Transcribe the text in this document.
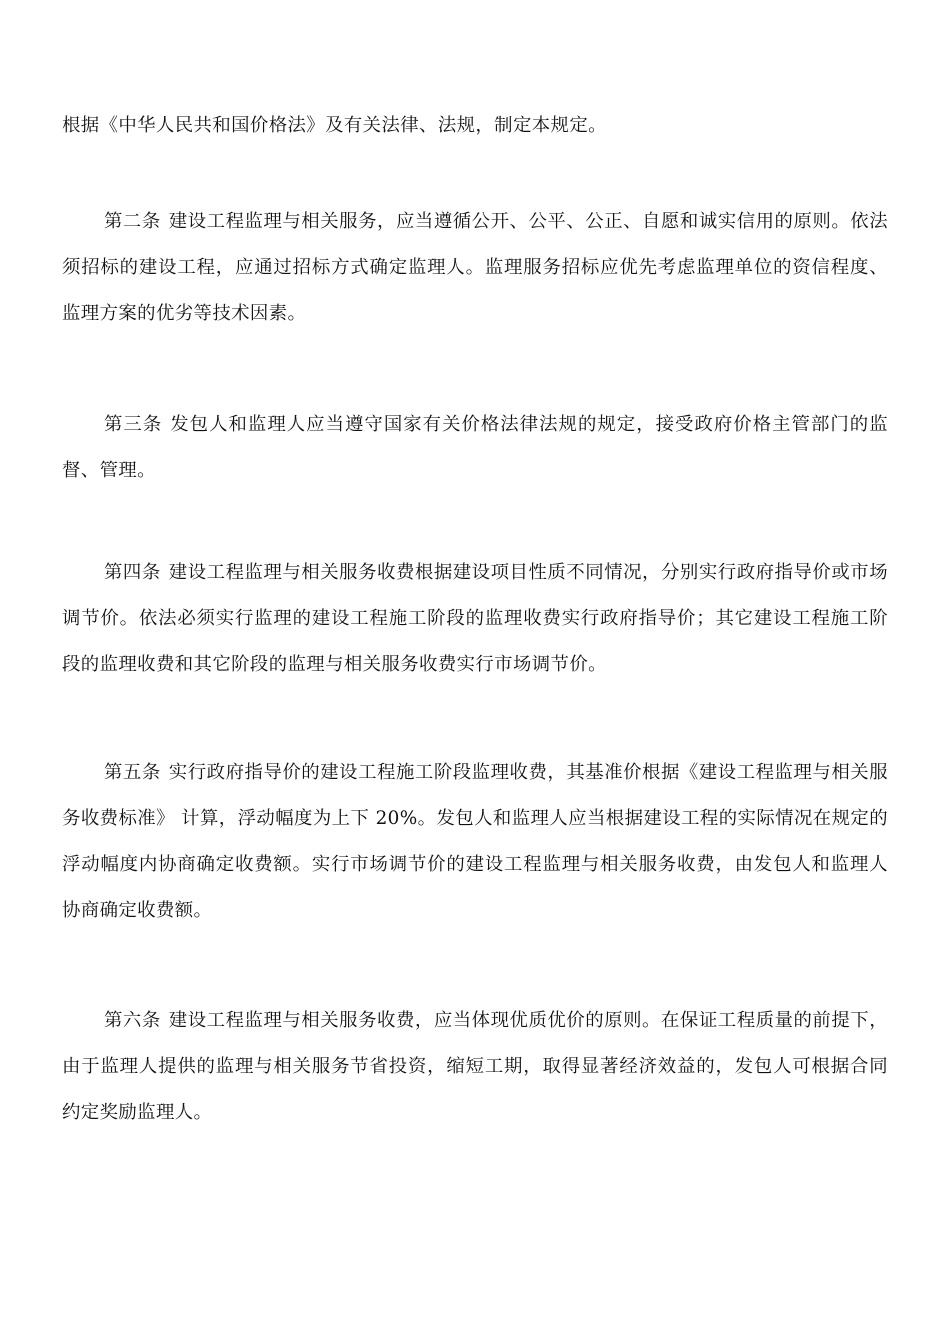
根据《中华人民共和国价格法》及有关法律、法规，制定本规定。

第二条 建设工程监理与相关服务，应当遵循公开、公平、公正、自愿和诚实信用的原则。依法须招标的建设工程，应通过招标方式确定监理人。监理服务招标应优先考虑监理单位的资信程度、监理方案的优劣等技术因素。

第三条 发包人和监理人应当遵守国家有关价格法律法规的规定，接受政府价格主管部门的监督、管理。

第四条 建设工程监理与相关服务收费根据建设项目性质不同情况，分别实行政府指导价或市场调节价。依法必须实行监理的建设工程施工阶段的监理收费实行政府指导价；其它建设工程施工阶段的监理收费和其它阶段的监理与相关服务收费实行市场调节价。

第五条 实行政府指导价的建设工程施工阶段监理收费，其基准价根据《建设工程监理与相关服务收费标准》 计算，浮动幅度为上下 20%。发包人和监理人应当根据建设工程的实际情况在规定的浮动幅度内协商确定收费额。实行市场调节价的建设工程监理与相关服务收费，由发包人和监理人协商确定收费额。

第六条 建设工程监理与相关服务收费，应当体现优质优价的原则。在保证工程质量的前提下，由于监理人提供的监理与相关服务节省投资，缩短工期，取得显著经济效益的，发包人可根据合同约定奖励监理人。
